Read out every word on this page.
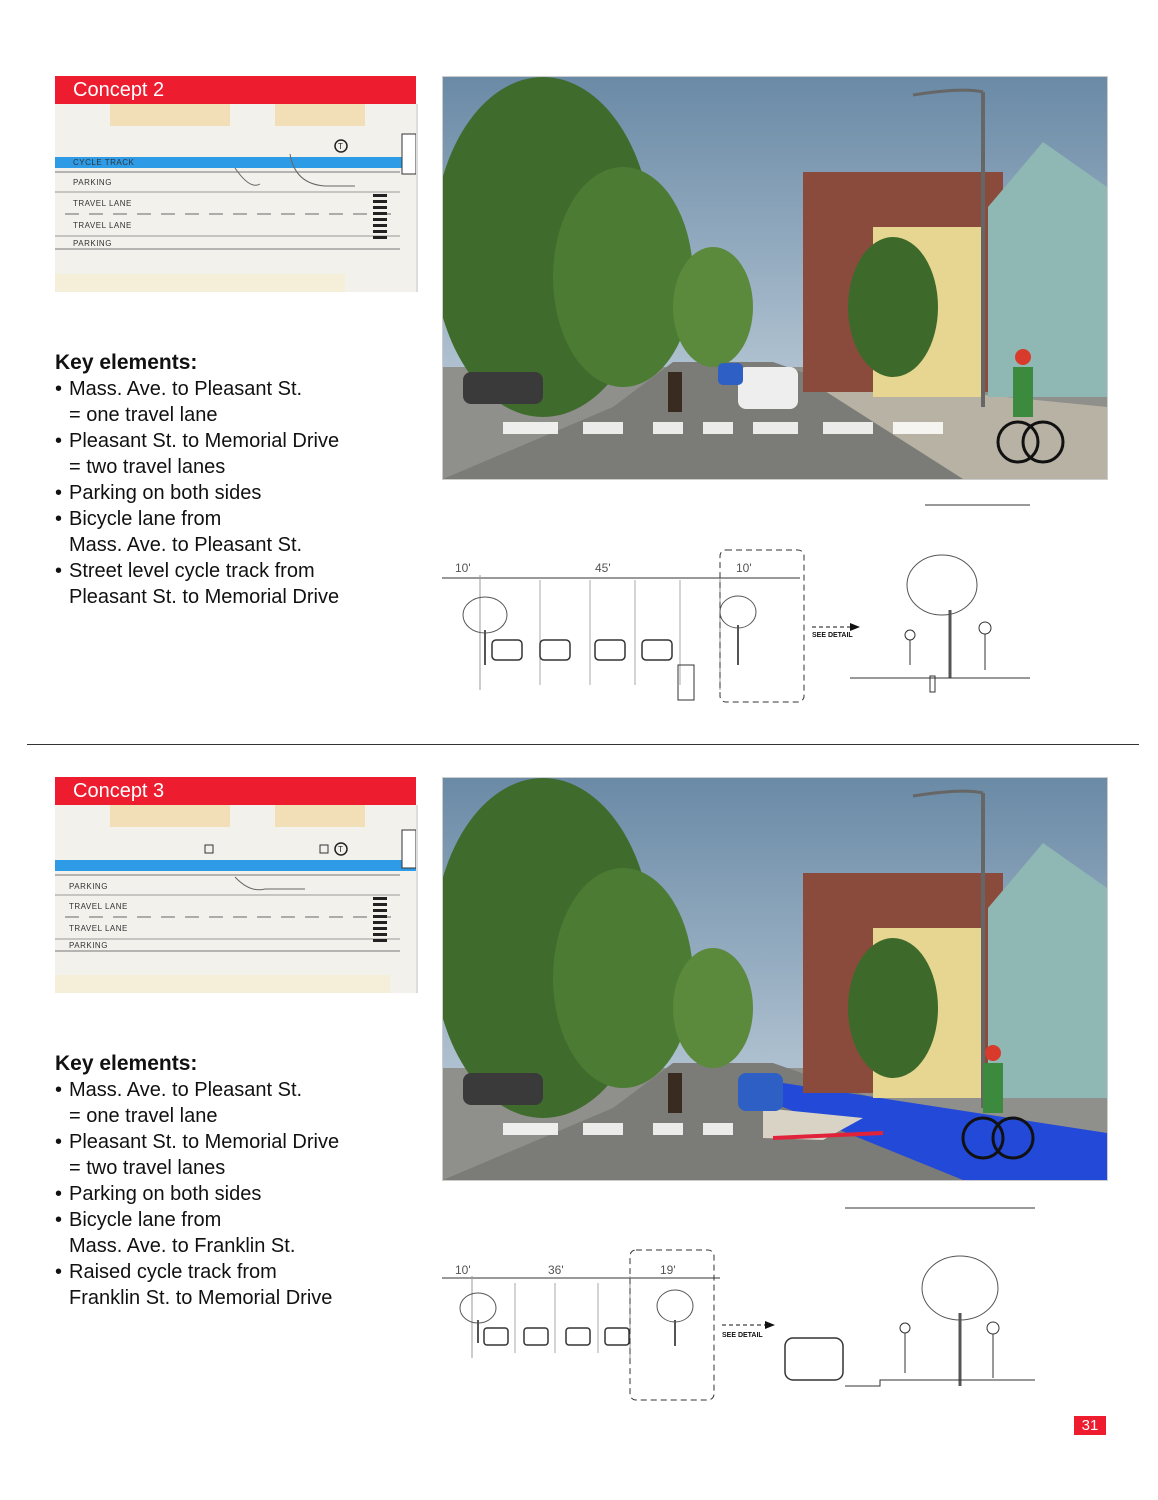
Concept 2
T
CYCLE TRACK
PARKING
TRAVEL LANE
TRAVEL LANE
PARKING
Key elements:
• Mass. Ave. to Pleasant St.
= one travel lane
• Pleasant St. to Memorial Drive
= two travel lanes
• Parking on both sides
• Bicycle lane from
Mass. Ave. to Pleasant St.
• Street level cycle track from
Pleasant St. to Memorial Drive
10'	45'	10'
SEE DETAIL
Concept 3
T
PARKING
TRAVEL LANE
TRAVEL LANE
PARKING
Key elements:
• Mass. Ave. to Pleasant St.
= one travel lane
• Pleasant St. to Memorial Drive
= two travel lanes
• Parking on both sides
• Bicycle lane from
Mass. Ave. to Franklin St.
• Raised cycle track from
Franklin St. to Memorial Drive
10'	36'	19'
SEE DETAIL
31
